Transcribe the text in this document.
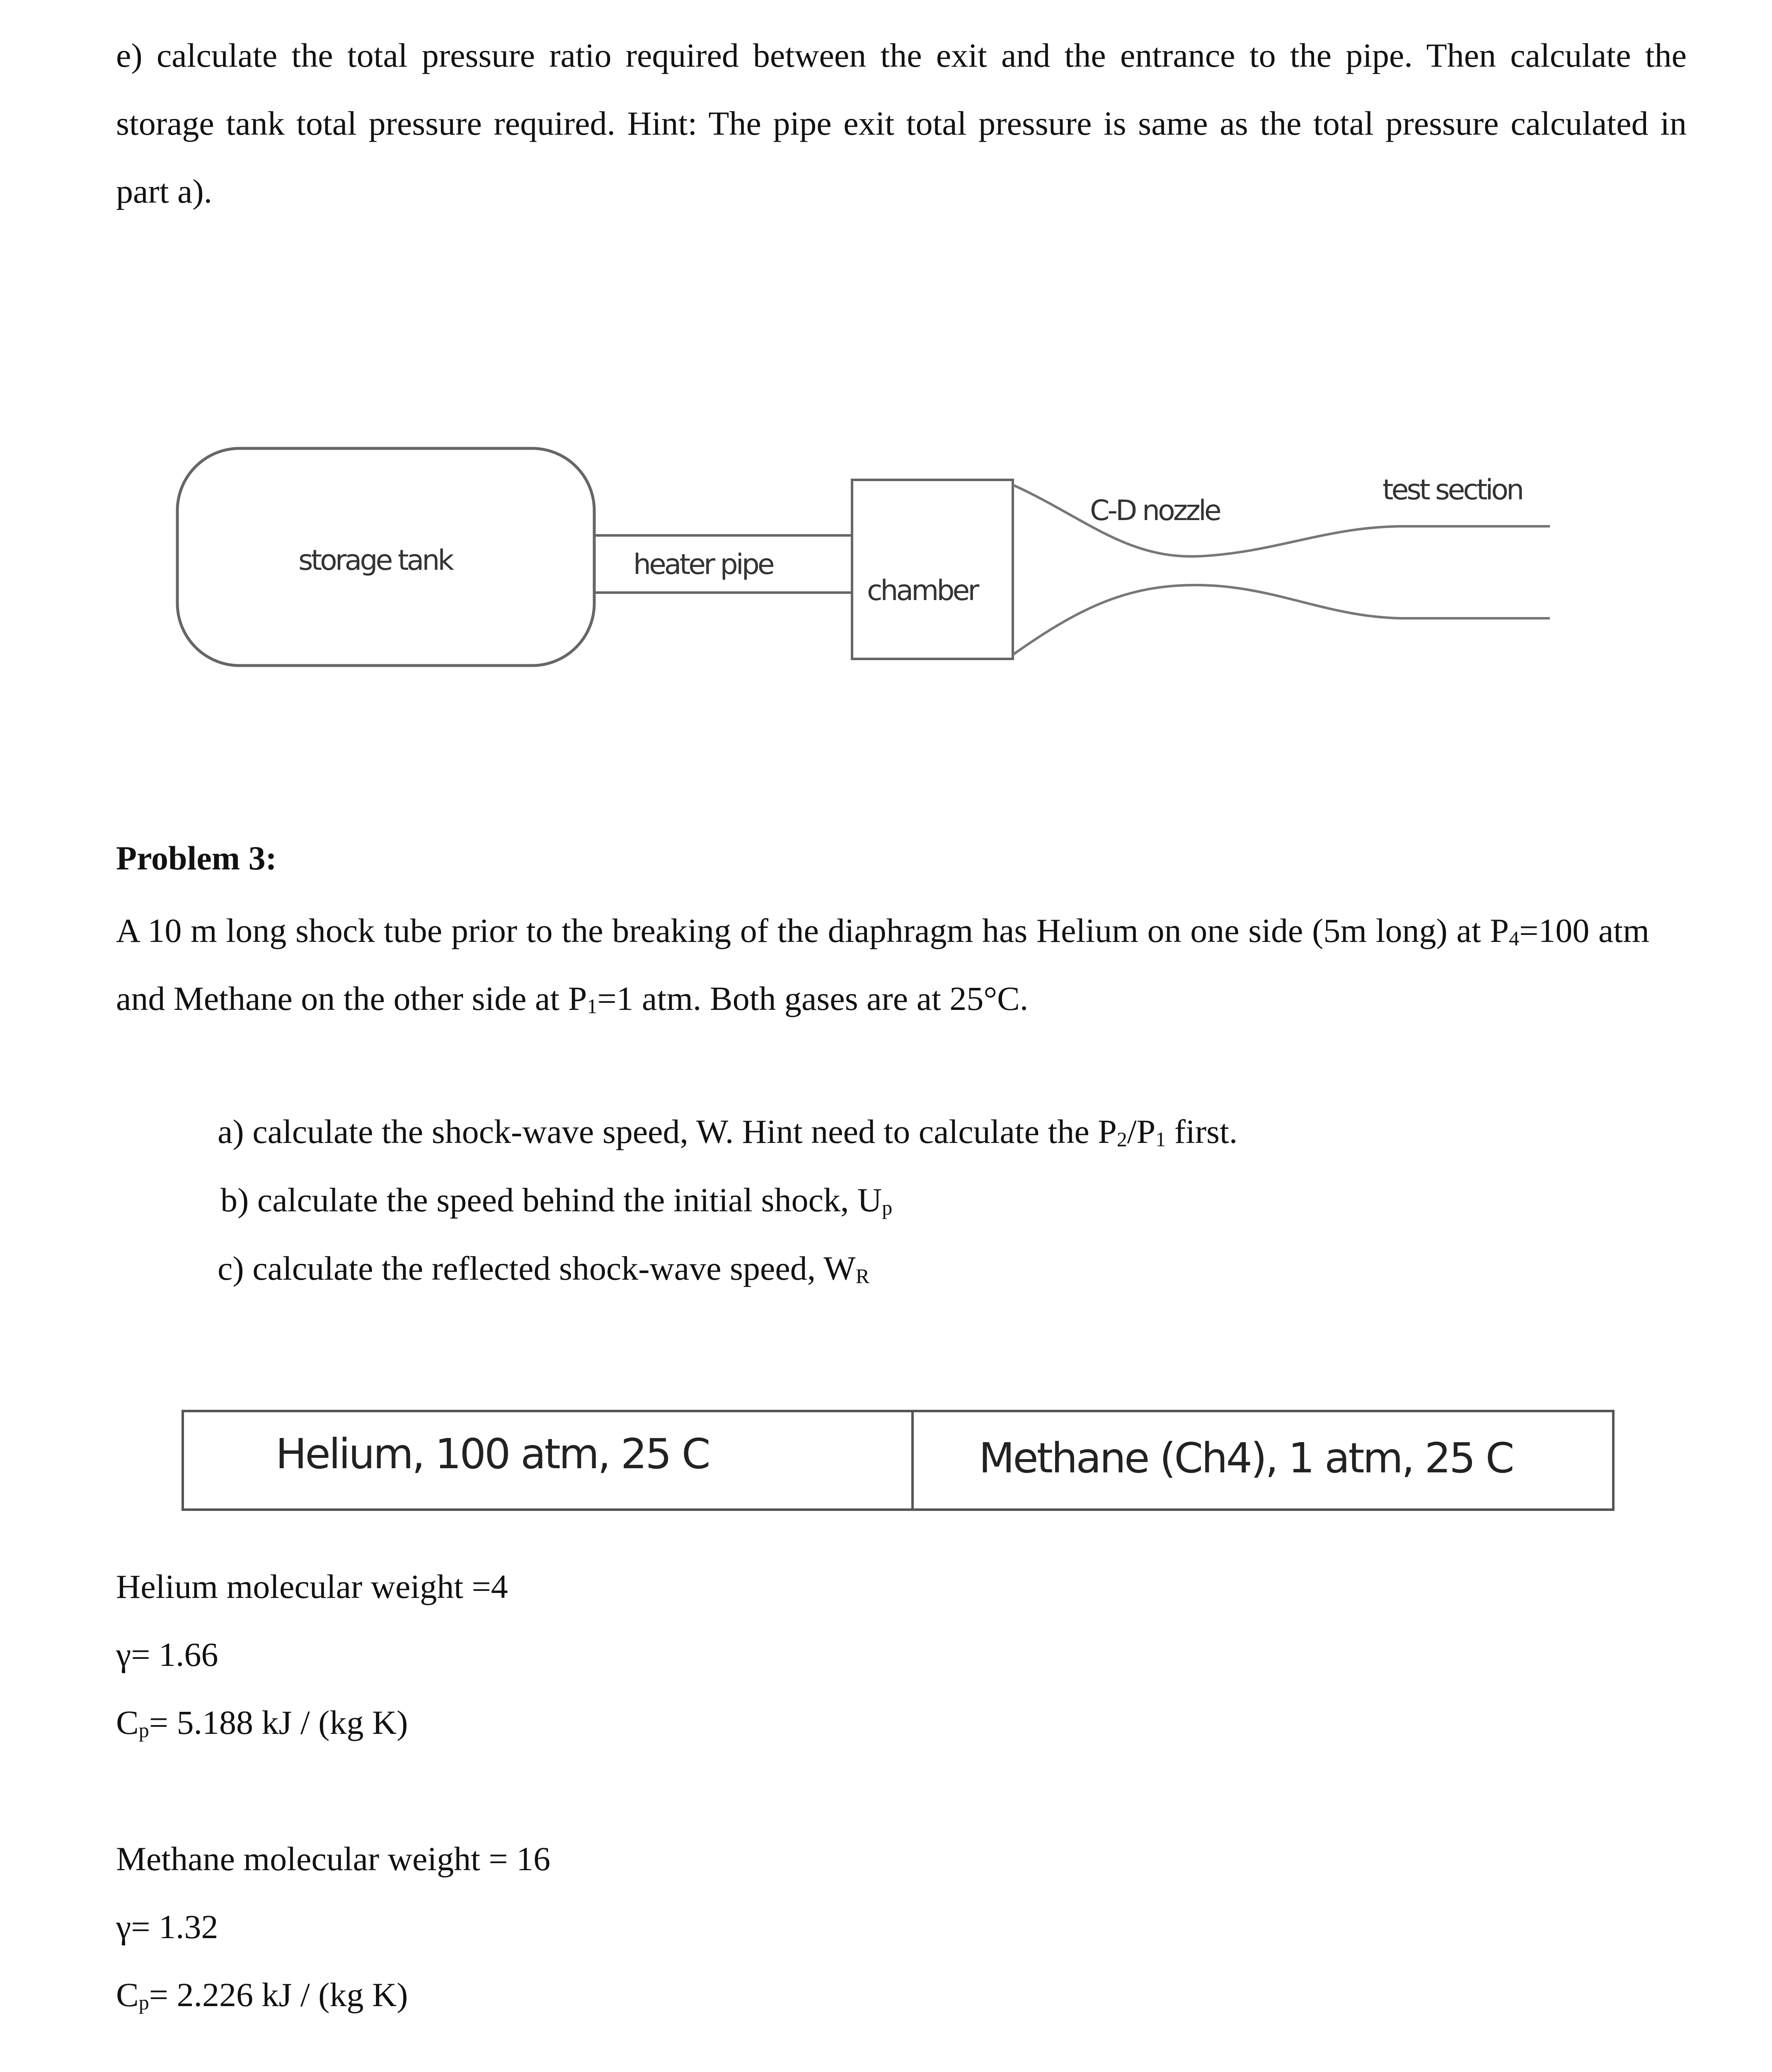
e) calculate the total pressure ratio required between the exit and the entrance to the pipe. Then calculate the storage tank total pressure required. Hint: The pipe exit total pressure is same as the total pressure calculated in part a).
storage tank	heater pipe
chamber
C-D nozzle
test section
Problem 3:
A 10 m long shock tube prior to the breaking of the diaphragm has Helium on one side (5m long) at $P_4=100$ atm and Methane on the other side at $P_1=1$ atm. Both gases are at 25°C.
a) calculate the shock-wave speed, W. Hint need to calculate the $P_2/P_1$ first.
b) calculate the speed behind the initial shock, $U_p$
c) calculate the reflected shock-wave speed, $W_R$
Helium, 100 atm, 25 C	Methane (Ch4), 1 atm, 25 C
Helium molecular weight =4
γ= 1.66
$C_p= 5.188$ kJ / (kg K)
Methane molecular weight = 16
γ= 1.32
$C_p= 2.226$ kJ / (kg K)
